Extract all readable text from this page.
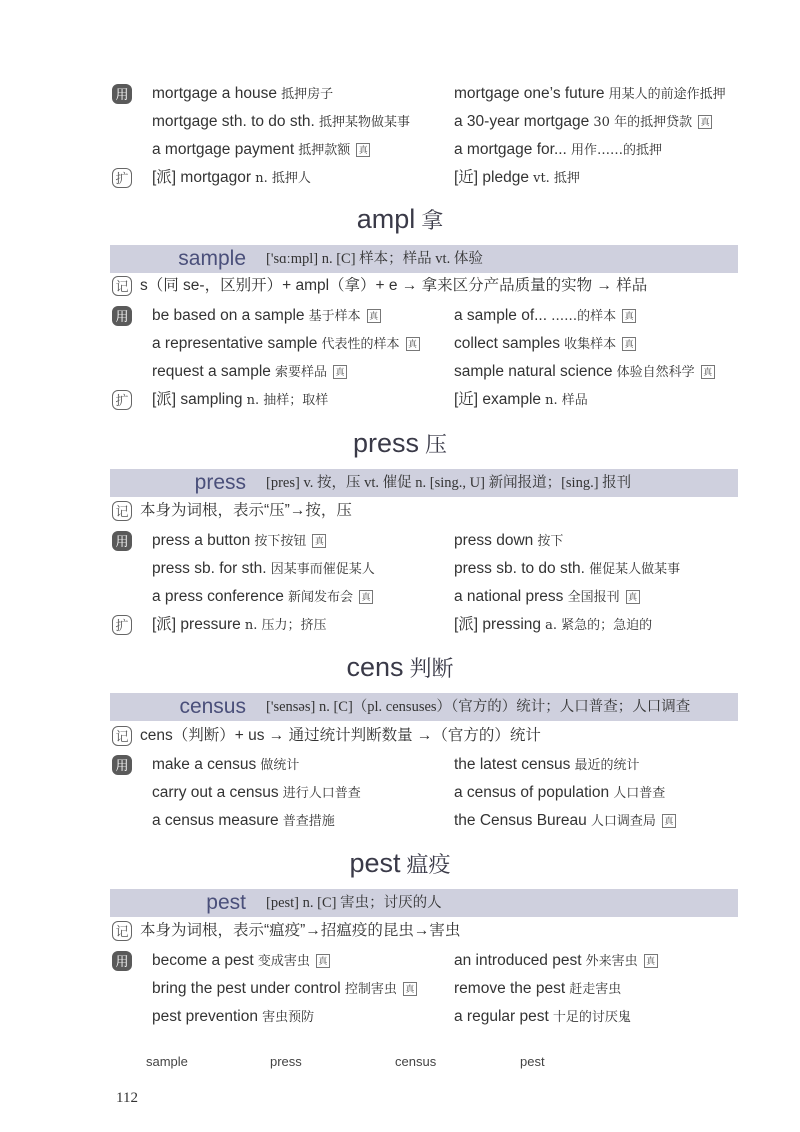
用 mortgage a house 抵押房子	mortgage one’s future 用某人的前途作抵押
mortgage sth. to do sth. 抵押某物做某事	a 30-year mortgage 30 年的抵押贷款 真
a mortgage payment 抵押款额 真	a mortgage for... 用作……的抵押
扩 [派] mortgagor n. 抵押人	[近] pledge vt. 抵押
ampl 拿
sample ['sɑːmpl] n. [C] 样本；样品 vt. 体验
记 s（同 se-，区别开）+ ampl（拿）+ e → 拿来区分产品质量的实物 → 样品
用 be based on a sample 基于样本 真	a sample of... ……的样本 真
a representative sample 代表性的样本 真 collect samples 收集样本 真
request a sample 索要样品 真	sample natural science 体验自然科学 真
扩 [派] sampling n. 抽样；取样	[近] example n. 样品
press 压
press [pres] v. 按，压 vt. 催促 n. [sing., U] 新闻报道；[sing.] 报刊
记 本身为词根，表示“压”→按，压
用 press a button 按下按钮 真	press down 按下
press sb. for sth. 因某事而催促某人	press sb. to do sth. 催促某人做某事
a press conference 新闻发布会 真	a national press 全国报刊 真
扩 [派] pressure n. 压力；挤压	[派] pressing a. 紧急的；急迫的
cens 判断
census ['sensəs] n. [C]（pl. censuses）（官方的）统计；人口普查；人口调查
记 cens（判断）+ us → 通过统计判断数量 →（官方的）统计
用 make a census 做统计	the latest census 最近的统计
carry out a census 进行人口普查	a census of population 人口普查
a census measure 普查措施	the Census Bureau 人口调查局 真
pest 瘟疫
pest [pest] n. [C] 害虫；讨厌的人
记 本身为词根，表示“瘟疫”→招瘟疫的昆虫→害虫
用 become a pest 变成害虫 真	an introduced pest 外来害虫 真
bring the pest under control 控制害虫 真	remove the pest 赶走害虫
pest prevention 害虫预防	a regular pest 十足的讨厌鬼
sample	press	census	pest
112
